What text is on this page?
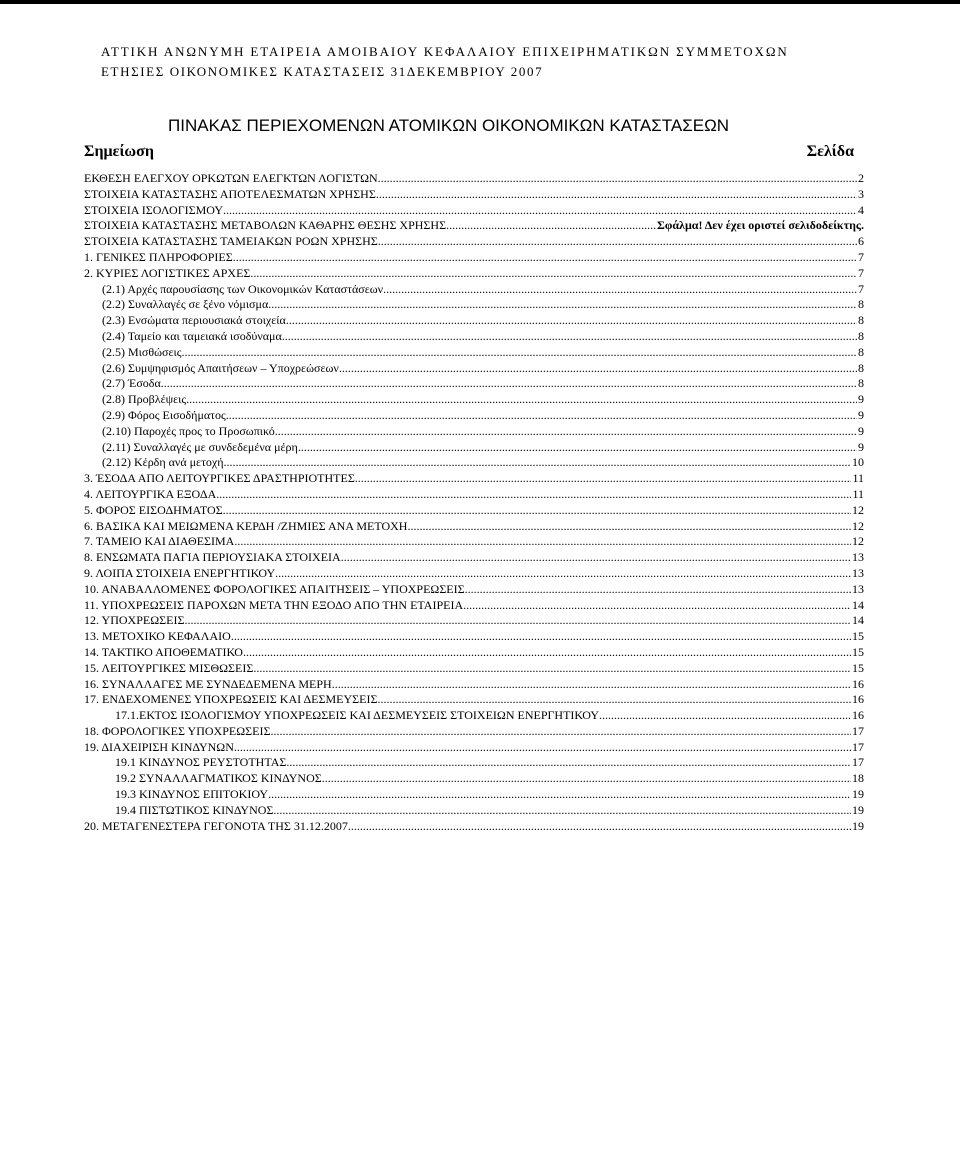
ΑΤΤΙΚΗ ΑΝΩΝΥΜΗ ΕΤΑΙΡΕΙΑ ΑΜΟΙΒΑΙΟΥ ΚΕΦΑΛΑΙΟΥ ΕΠΙΧΕΙΡΗΜΑΤΙΚΩΝ ΣΥΜΜΕΤΟΧΩΝ
ΕΤΗΣΙΕΣ ΟΙΚΟΝΟΜΙΚΕΣ ΚΑΤΑΣΤΑΣΕΙΣ 31ΔΕΚΕΜΒΡΙΟΥ 2007
ΠΙΝΑΚΑΣ ΠΕΡΙΕΧΟΜΕΝΩΝ ΑΤΟΜΙΚΩΝ ΟΙΚΟΝΟΜΙΚΩΝ ΚΑΤΑΣΤΑΣΕΩΝ
Σημείωση	Σελίδα
ΕΚΘΕΣΗ ΕΛΕΓΧΟΥ ΟΡΚΩΤΩΝ ΕΛΕΓΚΤΩΝ ΛΟΓΙΣΤΩΝ .....	2
ΣΤΟΙΧΕΙΑ ΚΑΤΑΣΤΑΣΗΣ ΑΠΟΤΕΛΕΣΜΑΤΩΝ ΧΡΗΣΗΣ .....	3
ΣΤΟΙΧΕΙΑ ΙΣΟΛΟΓΙΣΜΟΥ .....	4
ΣΤΟΙΧΕΙΑ ΚΑΤΑΣΤΑΣΗΣ ΜΕΤΑΒΟΛΩΝ ΚΑΘΑΡΗΣ ΘΕΣΗΣ ΧΡΗΣΗΣ .....	Σφάλμα! Δεν έχει οριστεί σελιδοδείκτης.
ΣΤΟΙΧΕΙΑ ΚΑΤΑΣΤΑΣΗΣ ΤΑΜΕΙΑΚΩΝ ΡΟΩΝ ΧΡΗΣΗΣ .....	6
1. ΓΕΝΙΚΕΣ ΠΛΗΡΟΦΟΡΙΕΣ .....	7
2. ΚΥΡΙΕΣ ΛΟΓΙΣΤΙΚΕΣ ΑΡΧΕΣ .....	7
(2.1) Αρχές παρουσίασης των Οικονομικών Καταστάσεων .....	7
(2.2) Συναλλαγές σε ξένο νόμισμα .....	8
(2.3) Ενσώματα περιουσιακά στοιχεία .....	8
(2.4) Ταμείο και ταμειακά ισοδύναμα .....	8
(2.5) Μισθώσεις .....	8
(2.6) Συμψηφισμός Απαιτήσεων – Υποχρεώσεων .....	8
(2.7) Έσοδα .....	8
(2.8) Προβλέψεις .....	9
(2.9) Φόρος Εισοδήματος .....	9
(2.10) Παροχές προς το Προσωπικό .....	9
(2.11) Συναλλαγές με συνδεδεμένα μέρη .....	9
(2.12) Κέρδη ανά μετοχή .....	10
3. ΈΣΟΔΑ ΑΠΟ ΛΕΙΤΟΥΡΓΙΚΕΣ ΔΡΑΣΤΗΡΙΟΤΗΤΕΣ .....	11
4. ΛΕΙΤΟΥΡΓΙΚΑ ΕΞΟΔΑ .....	11
5. ΦΟΡΟΣ ΕΙΣΟΔΗΜΑΤΟΣ .....	12
6. ΒΑΣΙΚΑ ΚΑΙ ΜΕΙΩΜΕΝΑ ΚΕΡΔΗ /ΖΗΜΙΕΣ ΑΝΑ ΜΕΤΟΧΗ .....	12
7. ΤΑΜΕΙΟ ΚΑΙ ΔΙΑΘΕΣΙΜΑ .....	12
8. ΕΝΣΩΜΑΤΑ ΠΑΓΙΑ ΠΕΡΙΟΥΣΙΑΚΑ ΣΤΟΙΧΕΙΑ .....	13
9. ΛΟΙΠΑ ΣΤΟΙΧΕΙΑ ΕΝΕΡΓΗΤΙΚΟΥ .....	13
10. ΑΝΑΒΑΛΛΟΜΕΝΕΣ ΦΟΡΟΛΟΓΙΚΕΣ ΑΠΑΙΤΗΣΕΙΣ – ΥΠΟΧΡΕΩΣΕΙΣ .....	13
11. ΥΠΟΧΡΕΩΣΕΙΣ ΠΑΡΟΧΩΝ ΜΕΤΑ ΤΗΝ ΕΞΟΔΟ ΑΠΟ ΤΗΝ ΕΤΑΙΡΕΙΑ .....	14
12. ΥΠΟΧΡΕΩΣΕΙΣ .....	14
13. ΜΕΤΟΧΙΚΟ ΚΕΦΑΛΑΙΟ .....	15
14. ΤΑΚΤΙΚΟ ΑΠΟΘΕΜΑΤΙΚΟ .....	15
15. ΛΕΙΤΟΥΡΓΙΚΕΣ ΜΙΣΘΩΣΕΙΣ .....	15
16. ΣΥΝΑΛΛΑΓΕΣ ΜΕ ΣΥΝΔΕΔΕΜΕΝΑ ΜΕΡΗ .....	16
17. ΕΝΔΕΧΟΜΕΝΕΣ ΥΠΟΧΡΕΩΣΕΙΣ ΚΑΙ ΔΕΣΜΕΥΣΕΙΣ .....	16
17.1.ΕΚΤΟΣ ΙΣΟΛΟΓΙΣΜΟΥ ΥΠΟΧΡΕΩΣΕΙΣ ΚΑΙ ΔΕΣΜΕΥΣΕΙΣ ΣΤΟΙΧΕΙΩΝ ΕΝΕΡΓΗΤΙΚΟΥ .....	16
18. ΦΟΡΟΛΟΓΙΚΕΣ ΥΠΟΧΡΕΩΣΕΙΣ .....	17
19. ΔΙΑΧΕΙΡΙΣΗ ΚΙΝΔΥΝΩΝ .....	17
19.1 ΚΙΝΔΥΝΟΣ ΡΕΥΣΤΟΤΗΤΑΣ .....	17
19.2 ΣΥΝΑΛΛΑΓΜΑΤΙΚΟΣ ΚΙΝΔΥΝΟΣ .....	18
19.3 ΚΙΝΔΥΝΟΣ ΕΠΙΤΟΚΙΟΥ .....	19
19.4 ΠΙΣΤΩΤΙΚΟΣ ΚΙΝΔΥΝΟΣ .....	19
20. ΜΕΤΑΓΕΝΕΣΤΕΡΑ ΓΕΓΟΝΟΤΑ ΤΗΣ 31.12.2007. .....	19
